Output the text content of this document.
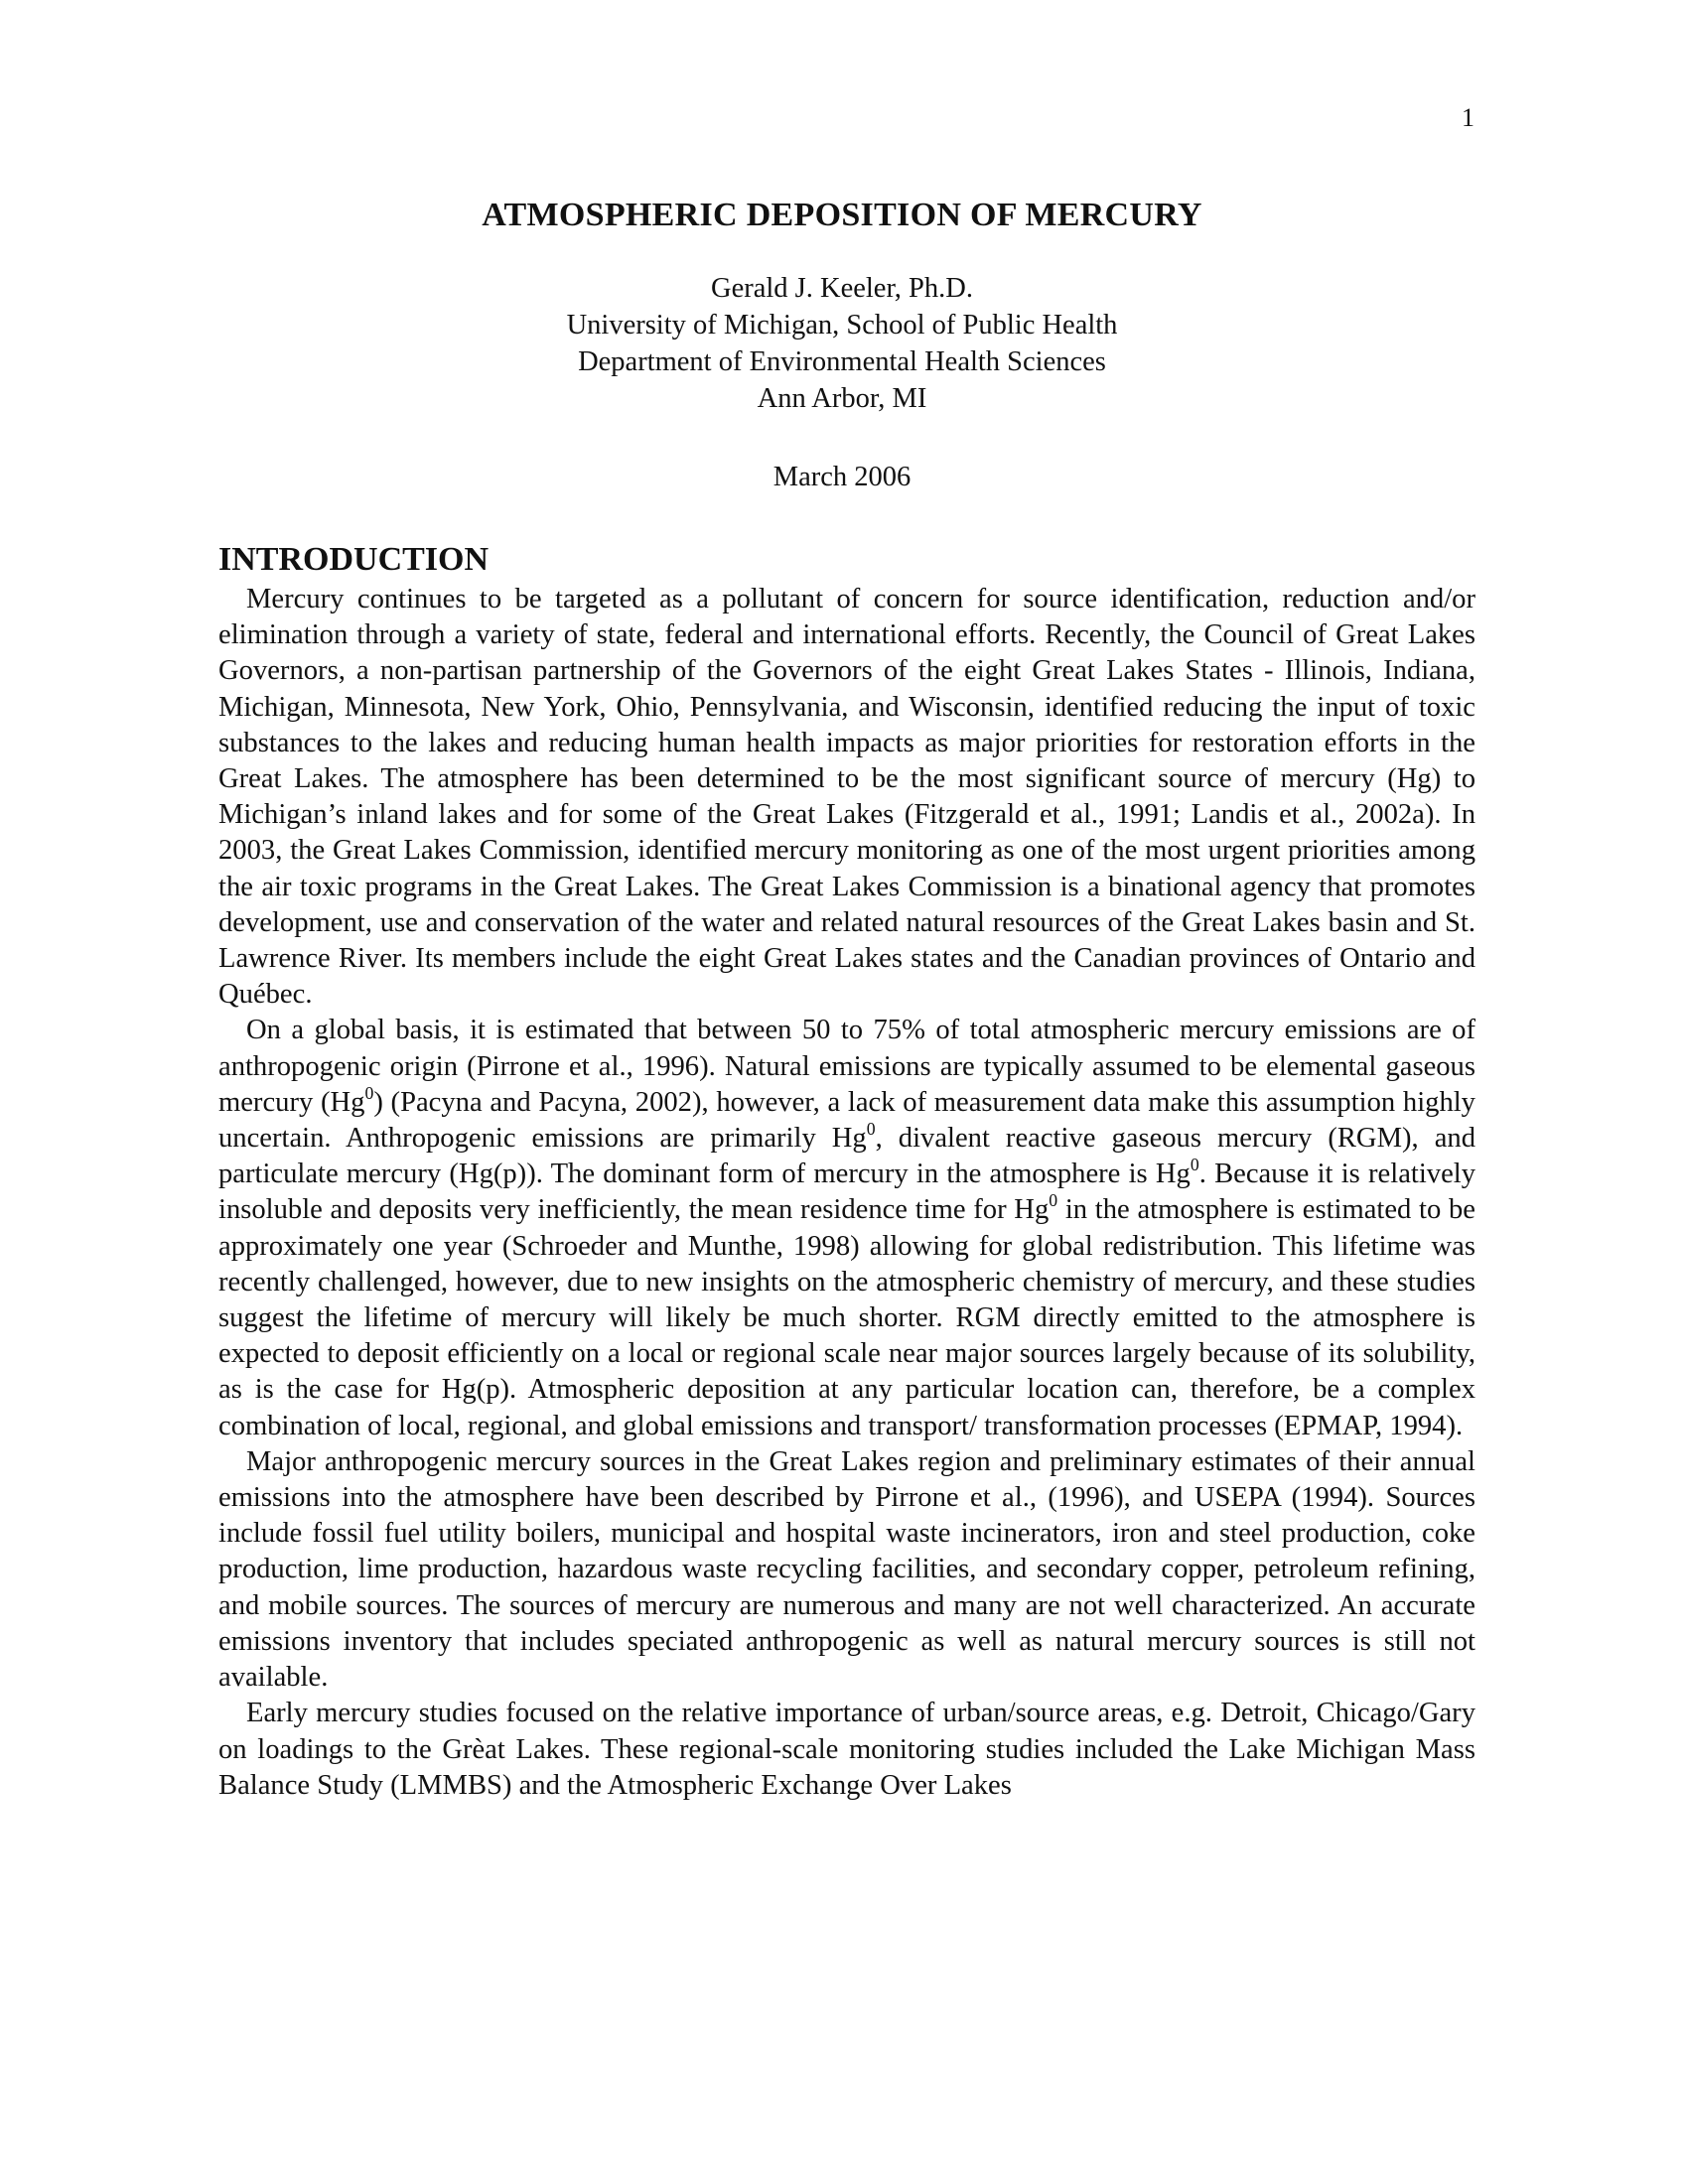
1
ATMOSPHERIC DEPOSITION OF MERCURY
Gerald J. Keeler, Ph.D.
University of Michigan, School of Public Health
Department of Environmental Health Sciences
Ann Arbor, MI
March 2006
INTRODUCTION

Mercury continues to be targeted as a pollutant of concern for source identification, reduction and/or elimination through a variety of state, federal and international efforts. Recently, the Council of Great Lakes Governors, a non-partisan partnership of the Governors of the eight Great Lakes States - Illinois, Indiana, Michigan, Minnesota, New York, Ohio, Pennsylvania, and Wisconsin, identified reducing the input of toxic substances to the lakes and reducing human health impacts as major priorities for restoration efforts in the Great Lakes. The atmosphere has been determined to be the most significant source of mercury (Hg) to Michigan’s inland lakes and for some of the Great Lakes (Fitzgerald et al., 1991; Landis et al., 2002a). In 2003, the Great Lakes Commission, identified mercury monitoring as one of the most urgent priorities among the air toxic programs in the Great Lakes. The Great Lakes Commission is a binational agency that promotes development, use and conservation of the water and related natural resources of the Great Lakes basin and St. Lawrence River. Its members include the eight Great Lakes states and the Canadian provinces of Ontario and Québec.

On a global basis, it is estimated that between 50 to 75% of total atmospheric mercury emissions are of anthropogenic origin (Pirrone et al., 1996). Natural emissions are typically assumed to be elemental gaseous mercury (Hg$^0$) (Pacyna and Pacyna, 2002), however, a lack of measurement data make this assumption highly uncertain. Anthropogenic emissions are primarily Hg$^0$, divalent reactive gaseous mercury (RGM), and particulate mercury (Hg(p)). The dominant form of mercury in the atmosphere is Hg$^0$. Because it is relatively insoluble and deposits very inefficiently, the mean residence time for Hg$^0$ in the atmosphere is estimated to be approximately one year (Schroeder and Munthe, 1998) allowing for global redistribution. This lifetime was recently challenged, however, due to new insights on the atmospheric chemistry of mercury, and these studies suggest the lifetime of mercury will likely be much shorter. RGM directly emitted to the atmosphere is expected to deposit efficiently on a local or regional scale near major sources largely because of its solubility, as is the case for Hg(p). Atmospheric deposition at any particular location can, therefore, be a complex combination of local, regional, and global emissions and transport/ transformation processes (EPMAP, 1994).

Major anthropogenic mercury sources in the Great Lakes region and preliminary estimates of their annual emissions into the atmosphere have been described by Pirrone et al., (1996), and USEPA (1994). Sources include fossil fuel utility boilers, municipal and hospital waste incinerators, iron and steel production, coke production, lime production, hazardous waste recycling facilities, and secondary copper, petroleum refining, and mobile sources. The sources of mercury are numerous and many are not well characterized. An accurate emissions inventory that includes speciated anthropogenic as well as natural mercury sources is still not available.

Early mercury studies focused on the relative importance of urban/source areas, e.g. Detroit, Chicago/Gary on loadings to the Grèat Lakes. These regional-scale monitoring studies included the Lake Michigan Mass Balance Study (LMMBS) and the Atmospheric Exchange Over Lakes
